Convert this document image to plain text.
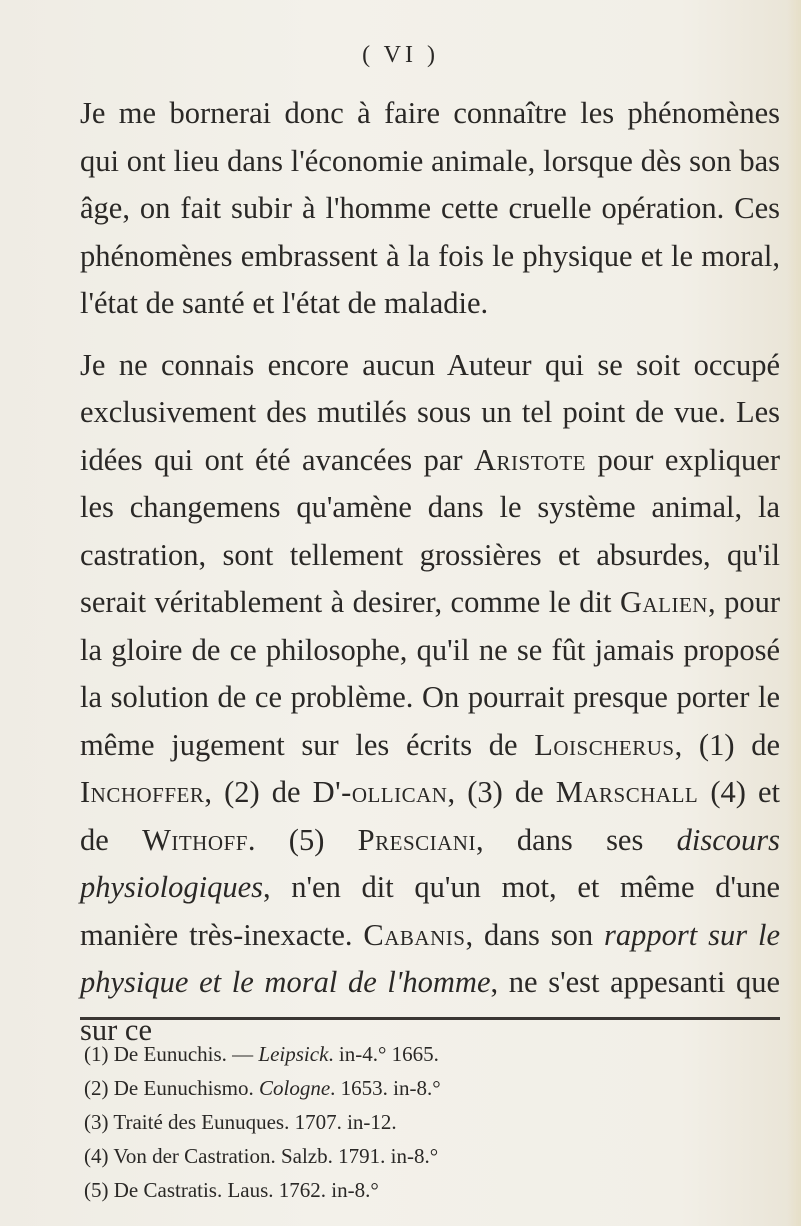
( VI )

Je me bornerai donc à faire connaître les phénomènes qui ont lieu dans l'économie animale, lorsque dès son bas âge, on fait subir à l'homme cette cruelle opération. Ces phénomènes embrassent à la fois le physique et le moral, l'état de santé et l'état de maladie.

Je ne connais encore aucun Auteur qui se soit occupé exclusivement des mutilés sous un tel point de vue. Les idées qui ont été avancées par Aristote pour expliquer les changemens qu'amène dans le système animal, la castration, sont tellement grossières et absurdes, qu'il serait véritablement à desirer, comme le dit Galien, pour la gloire de ce philosophe, qu'il ne se fût jamais proposé la solution de ce problème. On pourrait presque porter le même jugement sur les écrits de Loischerus, (1) de Inchoffer, (2) de D'-ollican, (3) de Marschall (4) et de Withoff. (5) Presciani, dans ses discours physiologiques, n'en dit qu'un mot, et même d'une manière très-inexacte. Cabanis, dans son rapport sur le physique et le moral de l'homme, ne s'est appesanti que sur ce

(1) De Eunuchis. — Leipsick. in-4.° 1665.
(2) De Eunuchismo. Cologne. 1653. in-8.°
(3) Traité des Eunuques. 1707. in-12.
(4) Von der Castration. Salzb. 1791. in-8.°
(5) De Castratis. Laus. 1762. in-8.°
